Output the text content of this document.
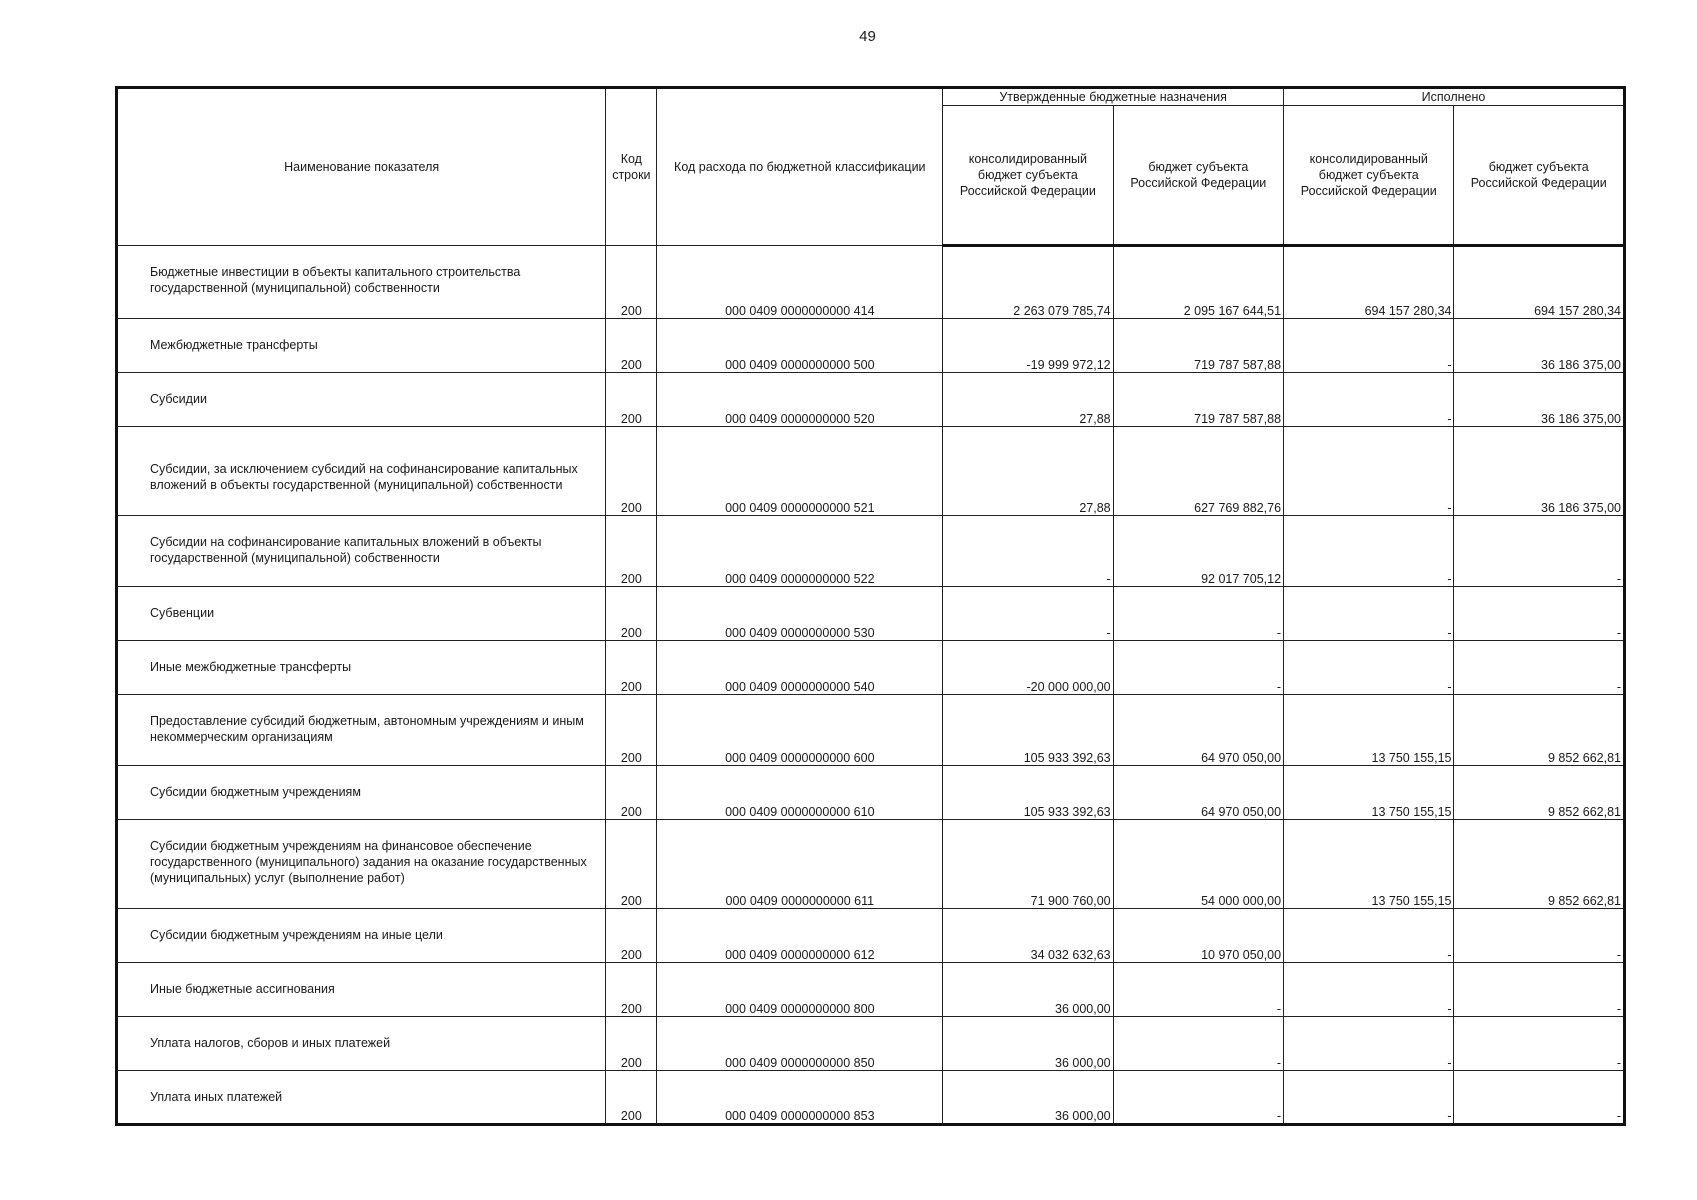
49
Наименование показателя	Код строки	Код расхода по бюджетной классификации	Утвержденные бюджетные назначения		Исполнено	
			консолидированный бюджет субъекта Российской Федерации	бюджет субъекта Российской Федерации	консолидированный бюджет субъекта Российской Федерации	бюджет субъекта Российской Федерации
Бюджетные инвестиции в объекты капитального строительства государственной (муниципальной) собственности	200	000 0409 0000000000 414	2 263 079 785,74	2 095 167 644,51	694 157 280,34	694 157 280,34
Межбюджетные трансферты	200	000 0409 0000000000 500	-19 999 972,12	719 787 587,88	-	36 186 375,00
Субсидии	200	000 0409 0000000000 520	27,88	719 787 587,88	-	36 186 375,00
Субсидии, за исключением субсидий на софинансирование капитальных вложений в объекты государственной (муниципальной) собственности	200	000 0409 0000000000 521	27,88	627 769 882,76	-	36 186 375,00
Субсидии на софинансирование капитальных вложений в объекты государственной (муниципальной) собственности	200	000 0409 0000000000 522	-	92 017 705,12	-	-
Субвенции	200	000 0409 0000000000 530	-	-	-	-
Иные межбюджетные трансферты	200	000 0409 0000000000 540	-20 000 000,00	-	-	-
Предоставление субсидий бюджетным, автономным учреждениям и иным некоммерческим организациям	200	000 0409 0000000000 600	105 933 392,63	64 970 050,00	13 750 155,15	9 852 662,81
Субсидии бюджетным учреждениям	200	000 0409 0000000000 610	105 933 392,63	64 970 050,00	13 750 155,15	9 852 662,81
Субсидии бюджетным учреждениям на финансовое обеспечение государственного (муниципального) задания на оказание государственных (муниципальных) услуг (выполнение работ)	200	000 0409 0000000000 611	71 900 760,00	54 000 000,00	13 750 155,15	9 852 662,81
Субсидии бюджетным учреждениям на иные цели	200	000 0409 0000000000 612	34 032 632,63	10 970 050,00	-	-
Иные бюджетные ассигнования	200	000 0409 0000000000 800	36 000,00	-	-	-
Уплата налогов, сборов и иных платежей	200	000 0409 0000000000 850	36 000,00	-	-	-
Уплата иных платежей	200	000 0409 0000000000 853	36 000,00	-	-	-
